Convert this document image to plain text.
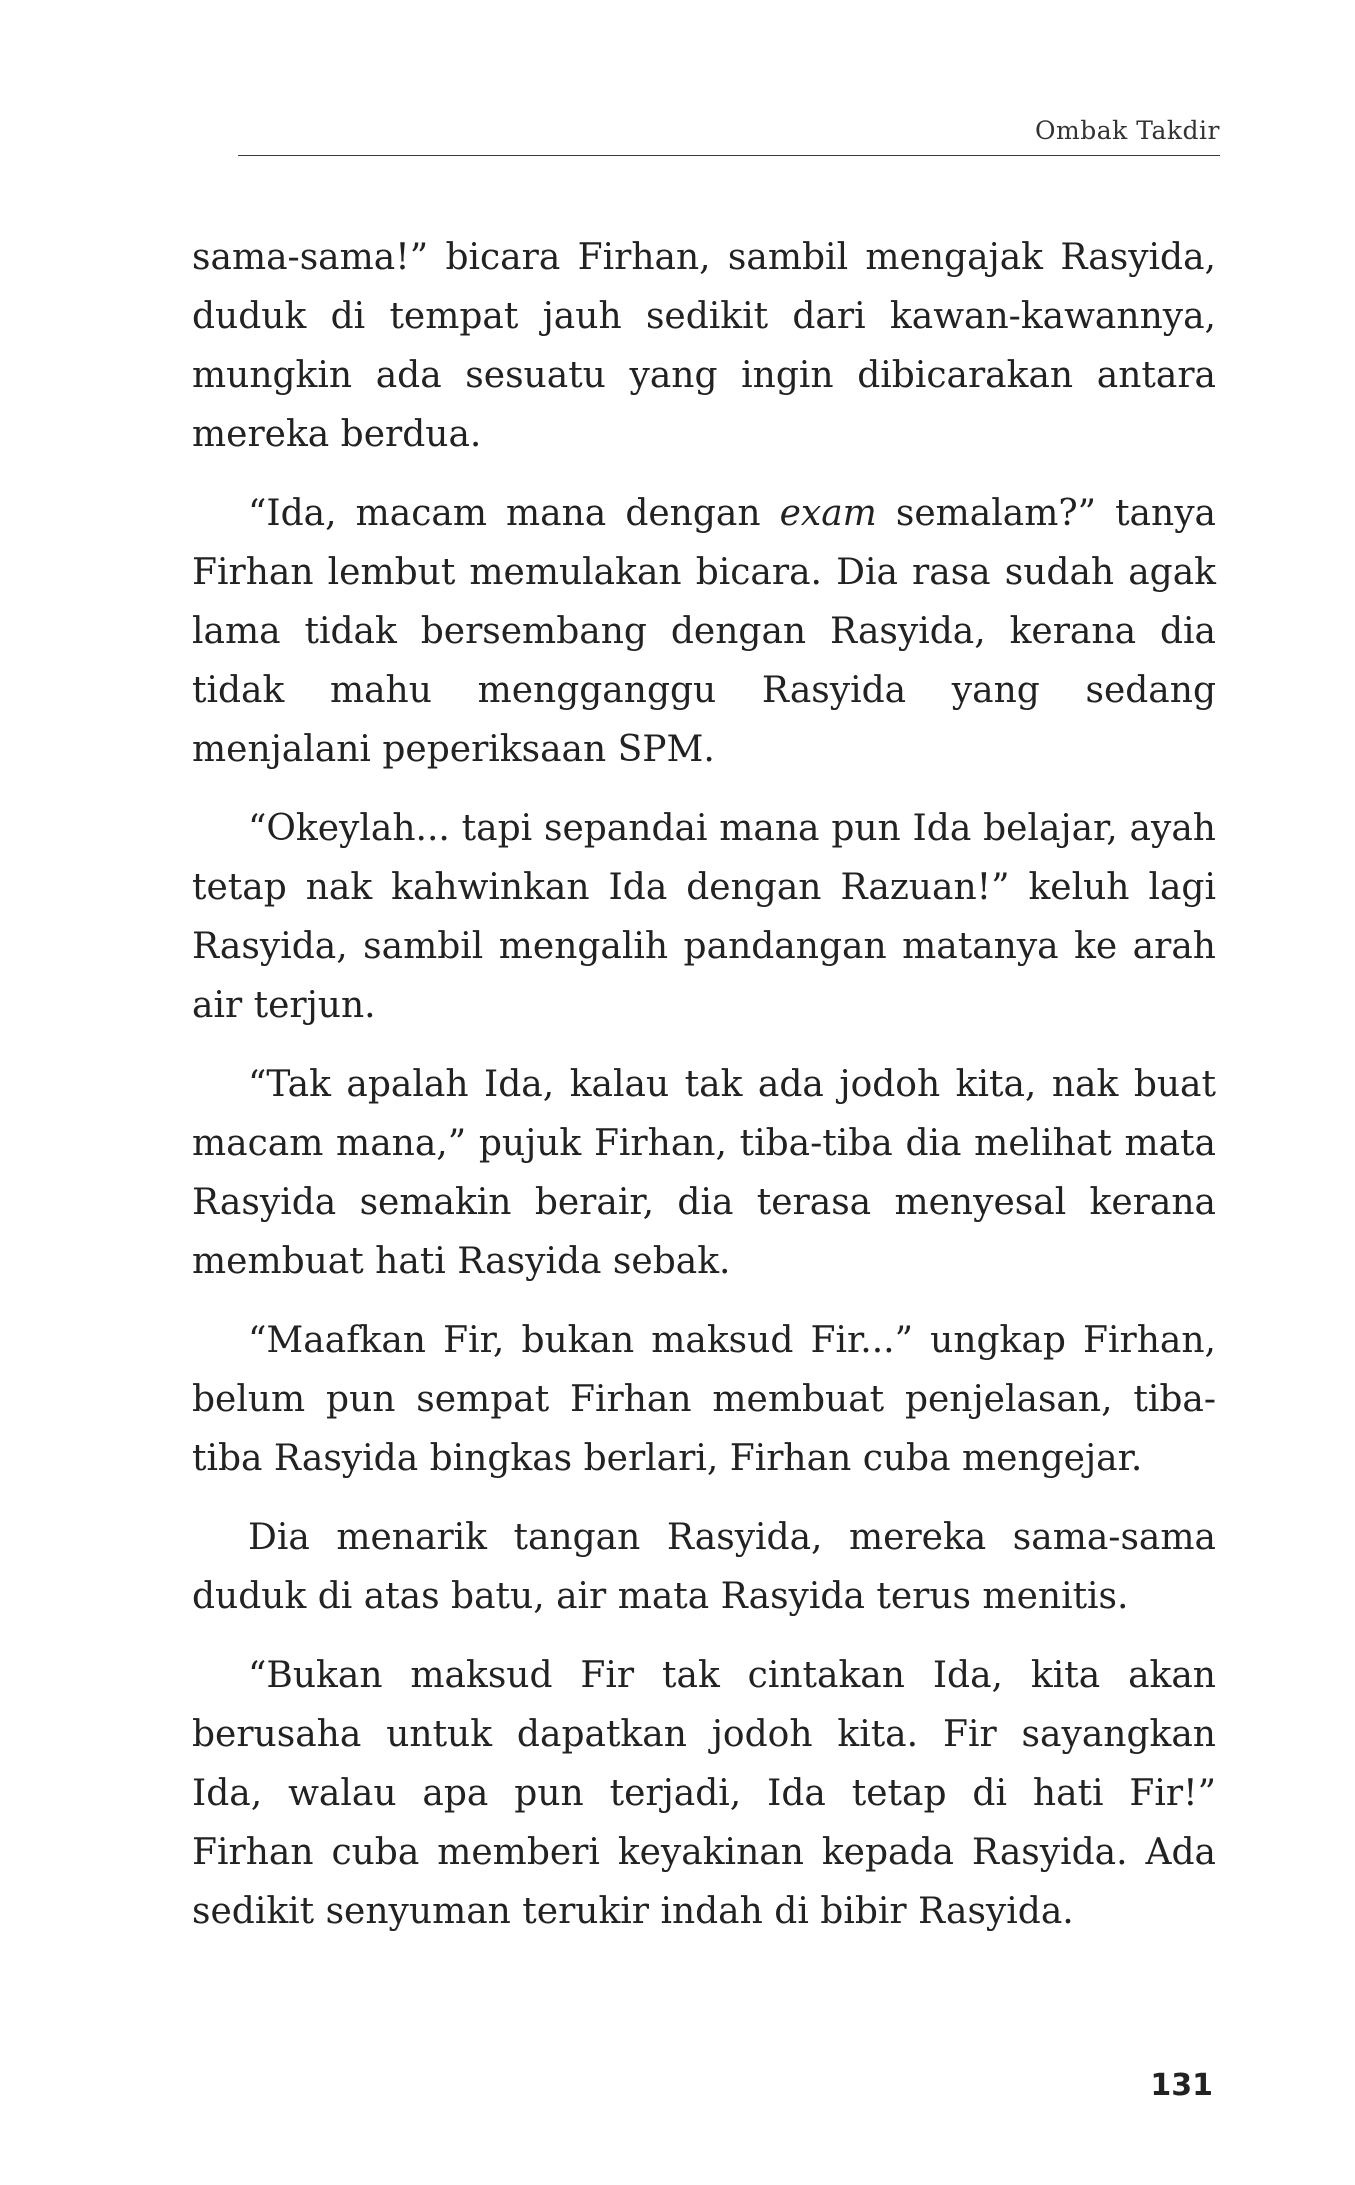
Ombak Takdir

sama-sama!” bicara Firhan, sambil mengajak Rasyida, duduk di tempat jauh sedikit dari kawan-kawannya, mungkin ada sesuatu yang ingin dibicarakan antara mereka berdua.

“Ida, macam mana dengan exam semalam?” tanya Firhan lembut memulakan bicara. Dia rasa sudah agak lama tidak bersembang dengan Rasyida, kerana dia tidak mahu mengganggu Rasyida yang sedang menjalani peperiksaan SPM.

“Okeylah... tapi sepandai mana pun Ida belajar, ayah tetap nak kahwinkan Ida dengan Razuan!” keluh lagi Rasyida, sambil mengalih pandangan matanya ke arah air terjun.

“Tak apalah Ida, kalau tak ada jodoh kita, nak buat macam mana,” pujuk Firhan, tiba-tiba dia melihat mata Rasyida semakin berair, dia terasa menyesal kerana membuat hati Rasyida sebak.

“Maafkan Fir, bukan maksud Fir...” ungkap Firhan, belum pun sempat Firhan membuat penjelasan, tiba-tiba Rasyida bingkas berlari, Firhan cuba mengejar.

Dia menarik tangan Rasyida, mereka sama-sama duduk di atas batu, air mata Rasyida terus menitis.

“Bukan maksud Fir tak cintakan Ida, kita akan berusaha untuk dapatkan jodoh kita. Fir sayangkan Ida, walau apa pun terjadi, Ida tetap di hati Fir!” Firhan cuba memberi keyakinan kepada Rasyida. Ada sedikit senyuman terukir indah di bibir Rasyida.

131
